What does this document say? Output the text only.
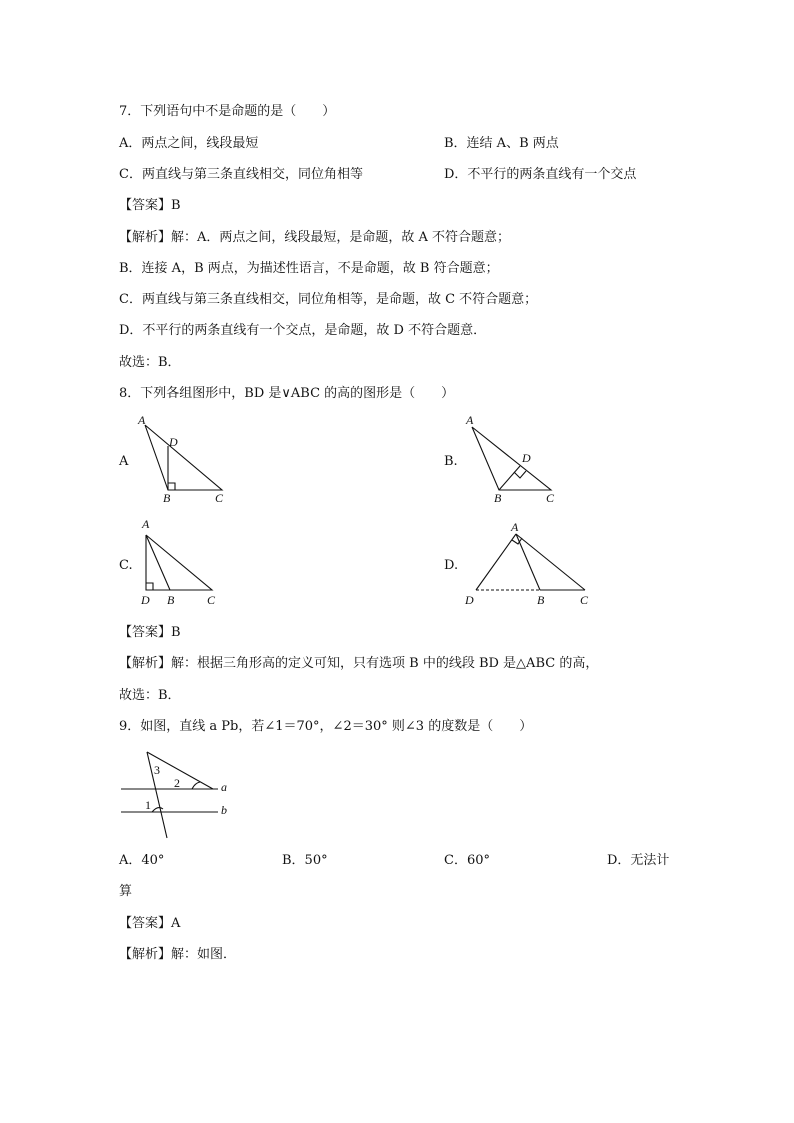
7．下列语句中不是命题的是（　　）
A．两点之间，线段最短	B．连结 A、B 两点
C．两直线与第三条直线相交，同位角相等	D．不平行的两条直线有一个交点
【答案】B
【解析】解：A．两点之间，线段最短，是命题，故 A 不符合题意；
B．连接 A，B 两点，为描述性语言，不是命题，故 B 符合题意；
C．两直线与第三条直线相交，同位角相等，是命题，故 C 不符合题意；
D．不平行的两条直线有一个交点，是命题，故 D 不符合题意．
故选：B．
8．下列各组图形中，BD 是∨ABC 的高的图形是（　　）
A	B.
C.	D.
A
D
B	C
A
D
B	C
A
D B	C
A
D	B	C
3
2
1
a
b
【答案】B
【解析】解：根据三角形高的定义可知，只有选项 B 中的线段 BD 是△ABC 的高，
故选：B．
9．如图，直线 a Pb，若∠1＝70°，∠2＝30° 则∠3 的度数是（　　）
A．40°	B．50°	C．60°	D．无法计
算
【答案】A
【解析】解：如图．
